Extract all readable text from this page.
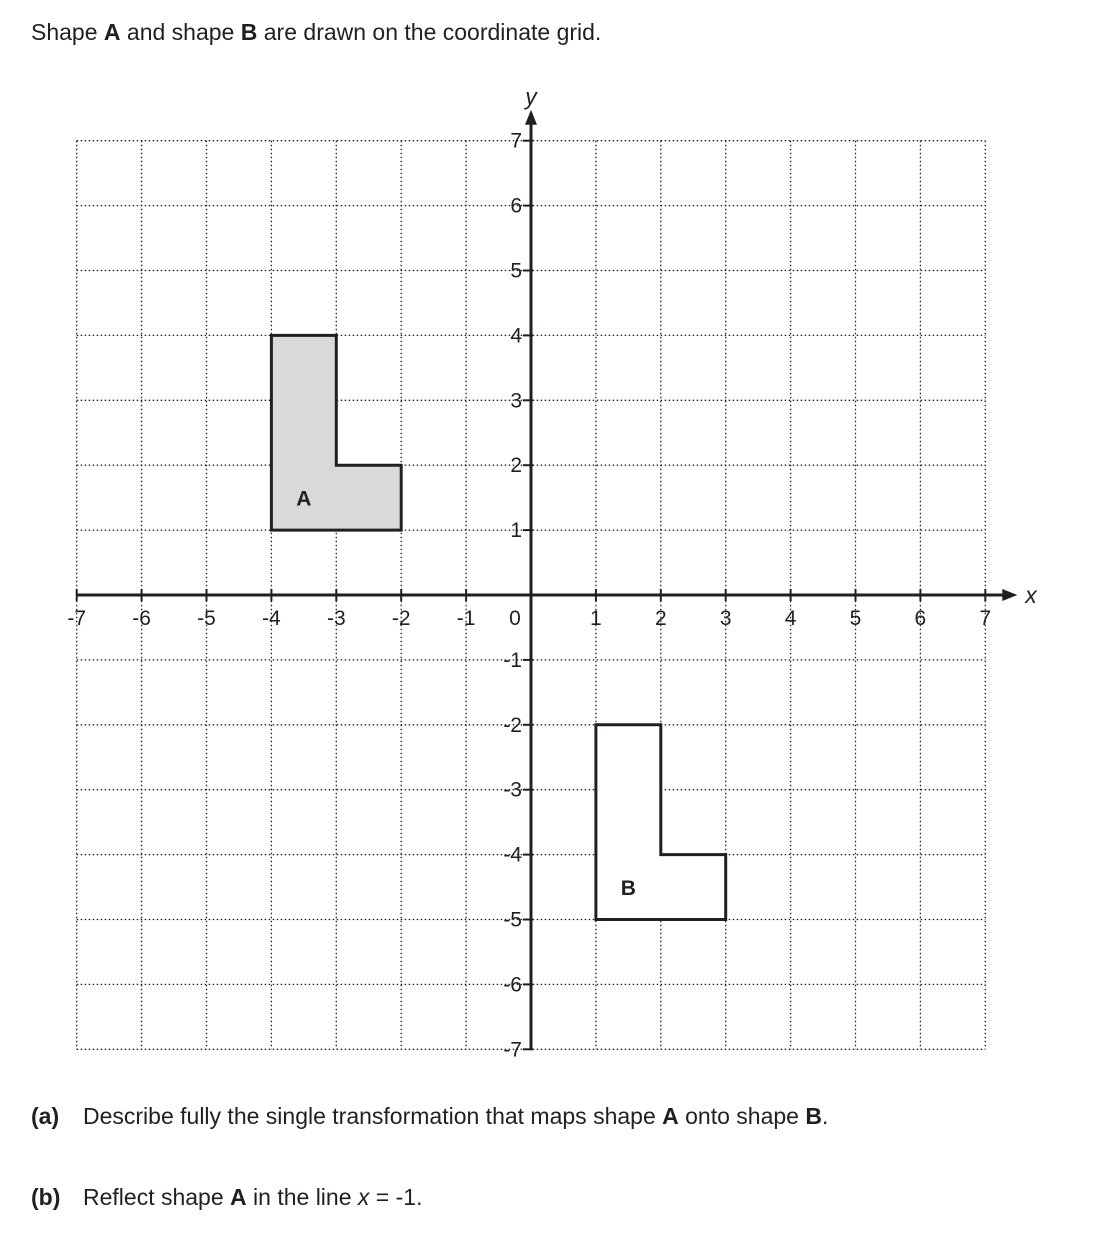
Shape A and shape B are drawn on the coordinate grid.

A
B
-7 -6 -5 -4 -3 -2 -1	1	2	3	4	5	6	7
-7
-6
-5
-4
-3
-2
-1
1
2
3
4
5
6
7
0
x
y

(a) Describe fully the single transformation that maps shape A onto shape B.

(b) Reflect shape A in the line x = -1.
